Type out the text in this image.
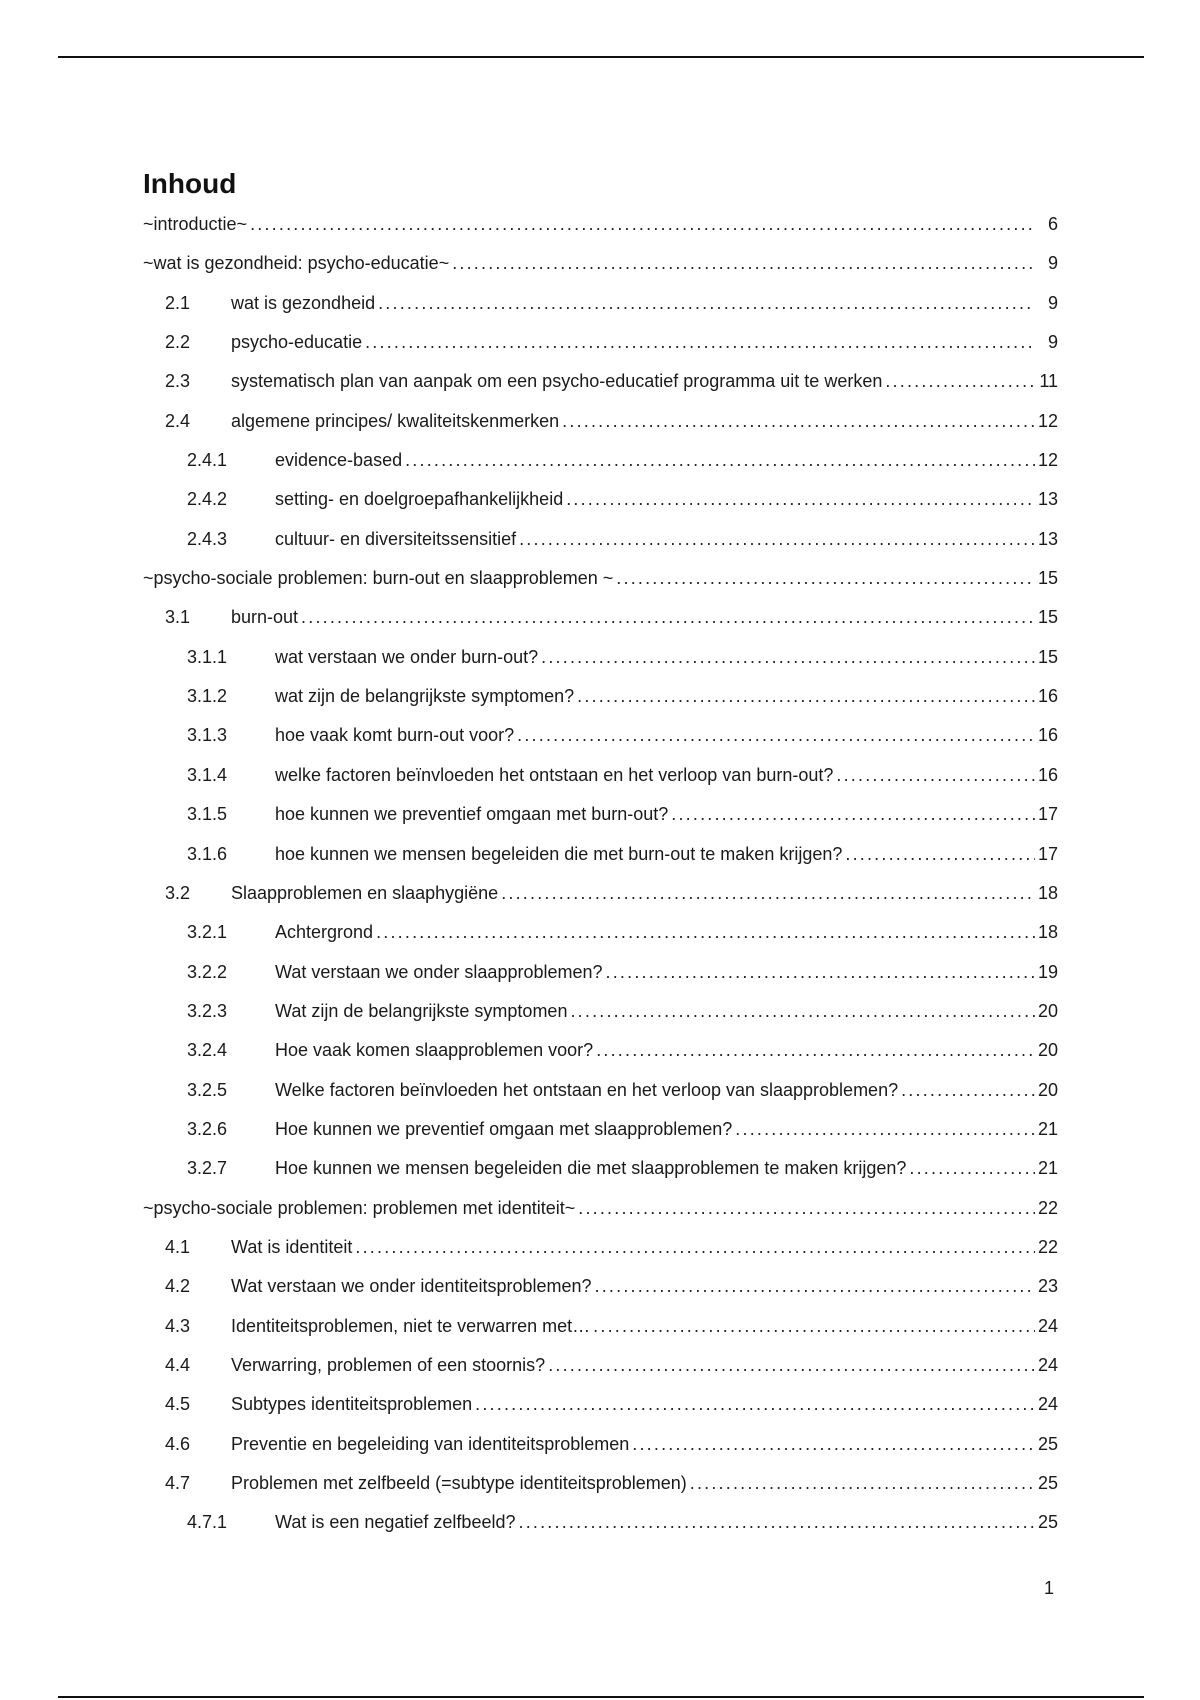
Inhoud
~introductie~ .....	6
~wat is gezondheid: psycho-educatie~ .....	9
2.1	wat is gezondheid .....	9
2.2	psycho-educatie .....	9
2.3	systematisch plan van aanpak om een psycho-educatief programma uit te werken .....	11
2.4	algemene principes/ kwaliteitskenmerken .....	12
2.4.1	evidence-based .....	12
2.4.2	setting- en doelgroepafhankelijkheid .....	13
2.4.3	cultuur- en diversiteitssensitief .....	13
~psycho-sociale problemen: burn-out en slaapproblemen ~ .....	15
3.1	burn-out .....	15
3.1.1	wat verstaan we onder burn-out? .....	15
3.1.2	wat zijn de belangrijkste symptomen? .....	16
3.1.3	hoe vaak komt burn-out voor? .....	16
3.1.4	welke factoren beïnvloeden het ontstaan en het verloop van burn-out? .....	16
3.1.5	hoe kunnen we preventief omgaan met burn-out? .....	17
3.1.6	hoe kunnen we mensen begeleiden die met burn-out te maken krijgen? .....	17
3.2	Slaapproblemen en slaaphygiëne .....	18
3.2.1	Achtergrond .....	18
3.2.2	Wat verstaan we onder slaapproblemen? .....	19
3.2.3	Wat zijn de belangrijkste symptomen .....	20
3.2.4	Hoe vaak komen slaapproblemen voor? .....	20
3.2.5	Welke factoren beïnvloeden het ontstaan en het verloop van slaapproblemen? .....	20
3.2.6	Hoe kunnen we preventief omgaan met slaapproblemen? .....	21
3.2.7	Hoe kunnen we mensen begeleiden die met slaapproblemen te maken krijgen? .....	21
~psycho-sociale problemen: problemen met identiteit~ .....	22
4.1	Wat is identiteit .....	22
4.2	Wat verstaan we onder identiteitsproblemen? .....	23
4.3	Identiteitsproblemen, niet te verwarren met… .....	24
4.4	Verwarring, problemen of een stoornis? .....	24
4.5	Subtypes identiteitsproblemen .....	24
4.6	Preventie en begeleiding van identiteitsproblemen .....	25
4.7	Problemen met zelfbeeld (=subtype identiteitsproblemen) .....	25
4.7.1	Wat is een negatief zelfbeeld? .....	25
1
